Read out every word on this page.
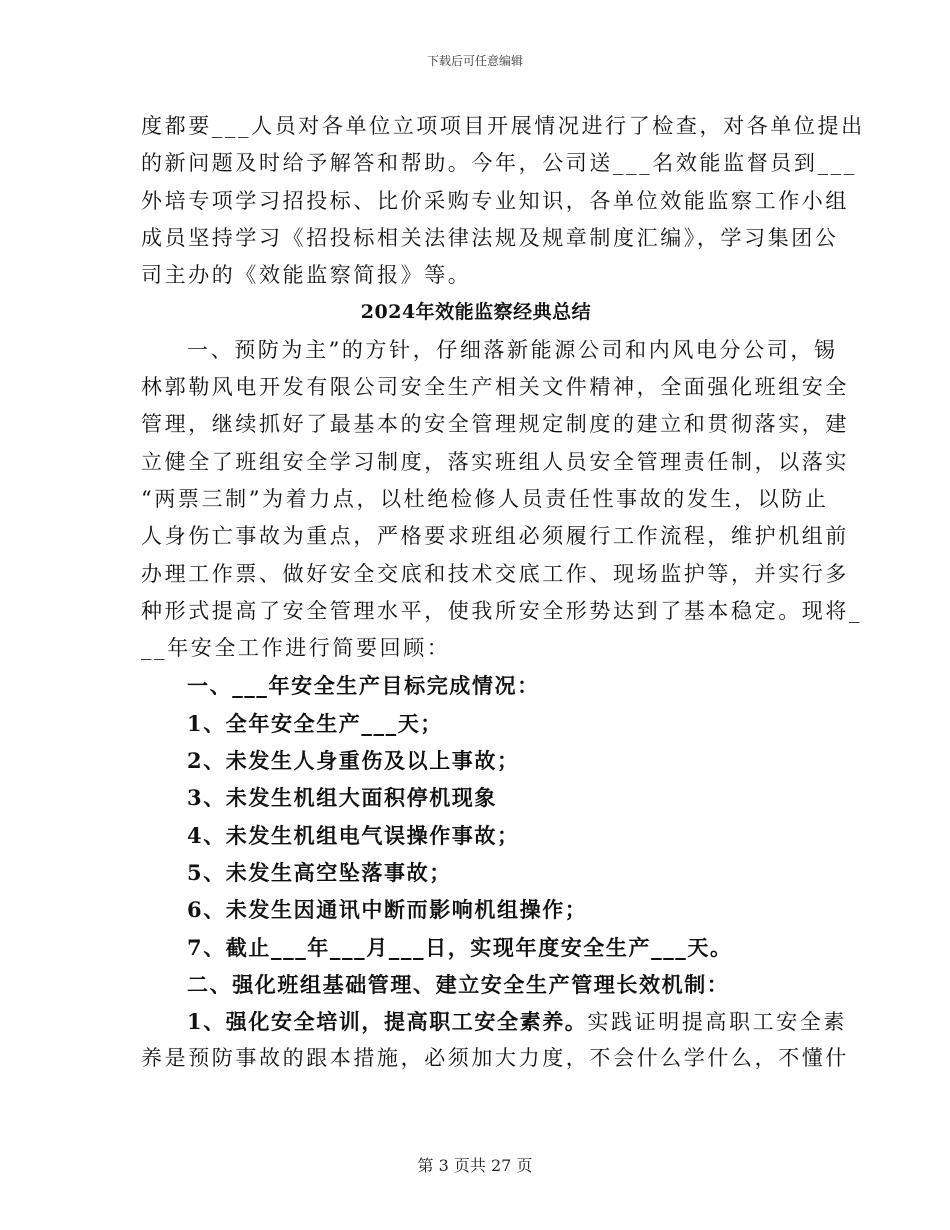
下载后可任意编辑
度都要___人员对各单位立项项目开展情况进行了检查，对各单位提出
的新问题及时给予解答和帮助。今年，公司送___名效能监督员到___
外培专项学习招投标、比价采购专业知识，各单位效能监察工作小组
成员坚持学习《招投标相关法律法规及规章制度汇编》，学习集团公
司主办的《效能监察简报》等。
2024年效能监察经典总结
一、预防为主”的方针，仔细落新能源公司和内风电分公司，锡
林郭勒风电开发有限公司安全生产相关文件精神，全面强化班组安全
管理，继续抓好了最基本的安全管理规定制度的建立和贯彻落实，建
立健全了班组安全学习制度，落实班组人员安全管理责任制，以落实
“两票三制”为着力点，以杜绝检修人员责任性事故的发生，以防止
人身伤亡事故为重点，严格要求班组必须履行工作流程，维护机组前
办理工作票、做好安全交底和技术交底工作、现场监护等，并实行多
种形式提高了安全管理水平，使我所安全形势达到了基本稳定。现将_
__年安全工作进行简要回顾：
一、___年安全生产目标完成情况：
1、全年安全生产___天；
2、未发生人身重伤及以上事故；
3、未发生机组大面积停机现象
4、未发生机组电气误操作事故；
5、未发生高空坠落事故；
6、未发生因通讯中断而影响机组操作；
7、截止___年___月___日，实现年度安全生产___天。
二、强化班组基础管理、建立安全生产管理长效机制：
1、强化安全培训，提高职工安全素养。实践证明提高职工安全素
养是预防事故的跟本措施，必须加大力度，不会什么学什么，不懂什
第 3 页共 27 页
